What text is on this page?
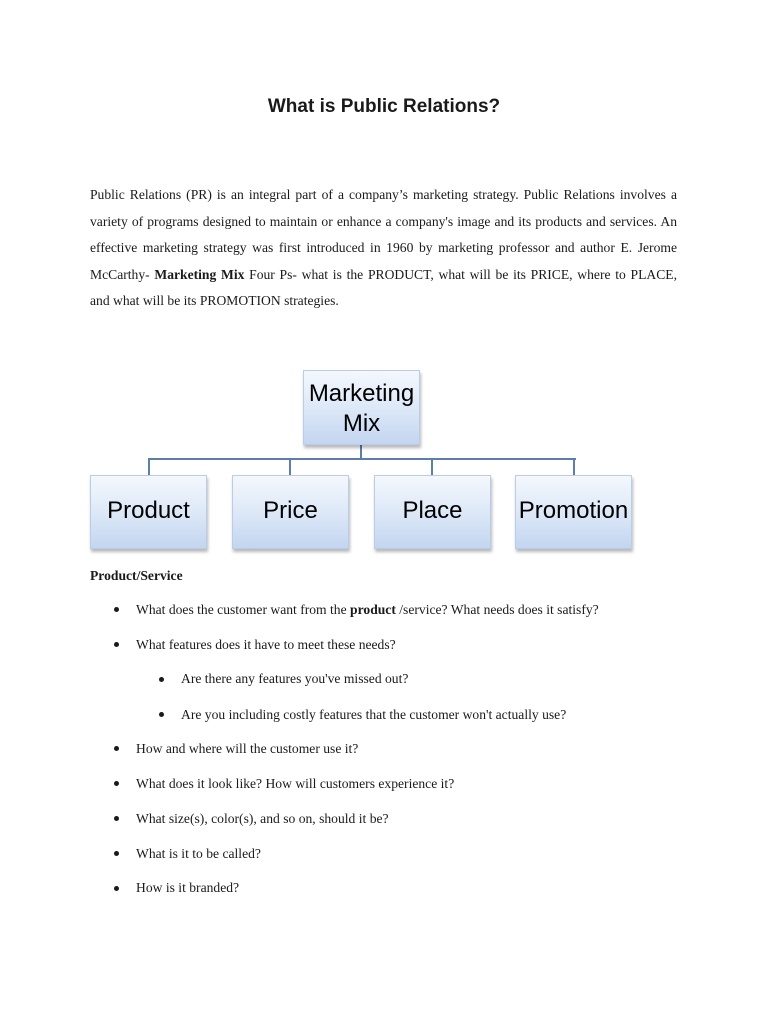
What is Public Relations?

Public Relations (PR) is an integral part of a company’s marketing strategy. Public Relations involves a variety of programs designed to maintain or enhance a company's image and its products and services. An effective marketing strategy was first introduced in 1960 by marketing professor and author E. Jerome McCarthy- Marketing Mix Four Ps- what is the PRODUCT, what will be its PRICE, where to PLACE, and what will be its PROMOTION strategies.

Marketing
Mix
Product	Price	Place Promotion
Product/Service
What does the customer want from the product /service? What needs does it satisfy?
What features does it have to meet these needs?
Are there any features you've missed out?
Are you including costly features that the customer won't actually use?
How and where will the customer use it?
What does it look like? How will customers experience it?
What size(s), color(s), and so on, should it be?
What is it to be called?
How is it branded?
